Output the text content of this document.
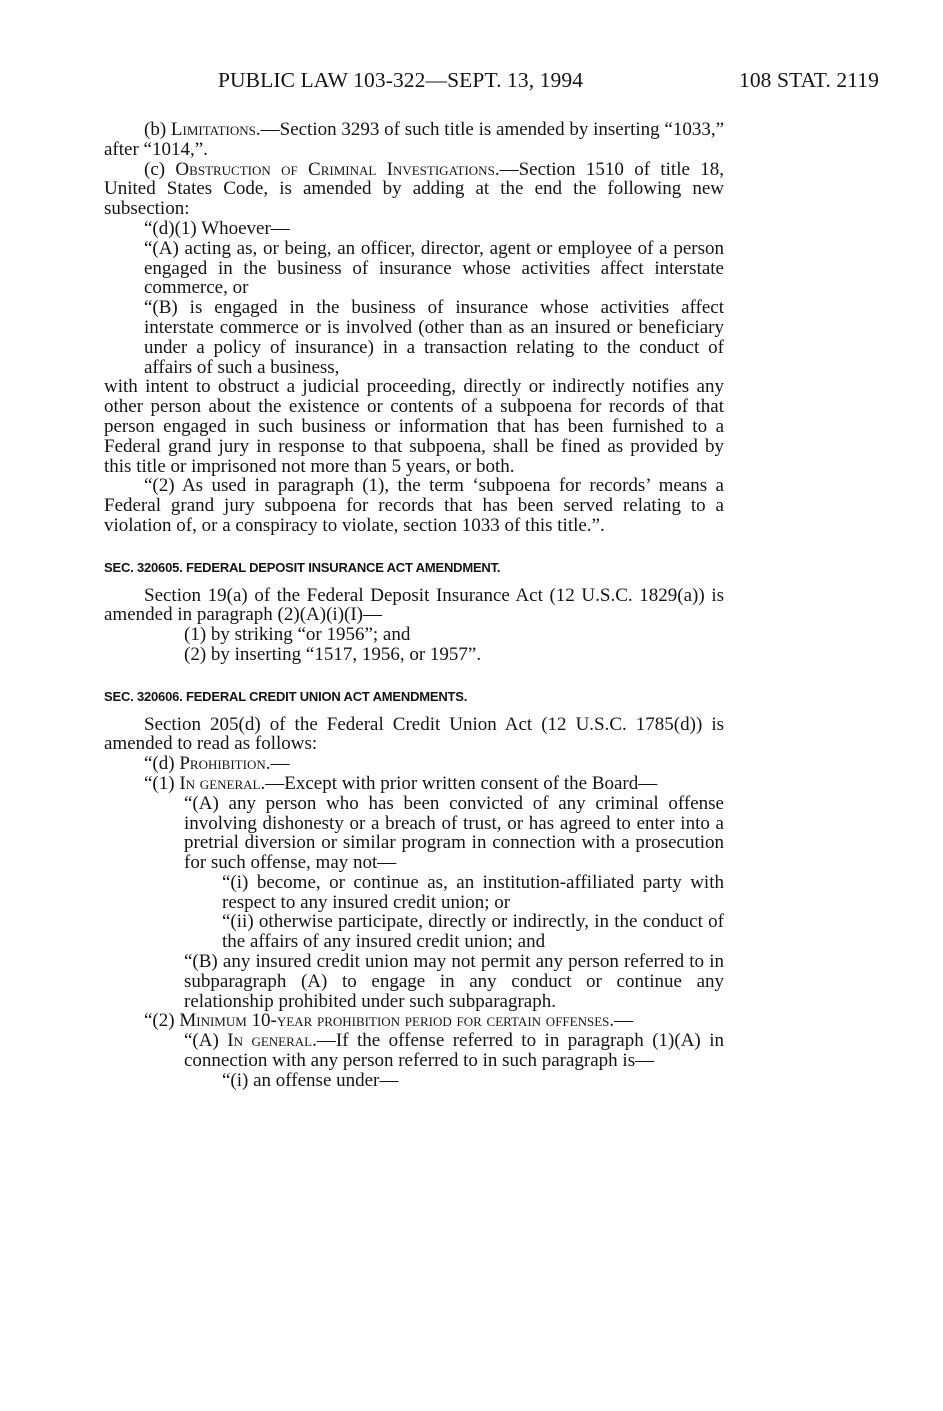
PUBLIC LAW 103-322—SEPT. 13, 1994	108 STAT. 2119

(b) Limitations.—Section 3293 of such title is amended by inserting “1033,” after “1014,”.

(c) Obstruction of Criminal Investigations.—Section 1510 of title 18, United States Code, is amended by adding at the end the following new subsection:

“(d)(1) Whoever—

“(A) acting as, or being, an officer, director, agent or employee of a person engaged in the business of insurance whose activities affect interstate commerce, or

“(B) is engaged in the business of insurance whose activities affect interstate commerce or is involved (other than as an insured or beneficiary under a policy of insurance) in a transaction relating to the conduct of affairs of such a business,

with intent to obstruct a judicial proceeding, directly or indirectly notifies any other person about the existence or contents of a subpoena for records of that person engaged in such business or information that has been furnished to a Federal grand jury in response to that subpoena, shall be fined as provided by this title or imprisoned not more than 5 years, or both.

“(2) As used in paragraph (1), the term ‘subpoena for records’ means a Federal grand jury subpoena for records that has been served relating to a violation of, or a conspiracy to violate, section 1033 of this title.”.

SEC. 320605. FEDERAL DEPOSIT INSURANCE ACT AMENDMENT.

Section 19(a) of the Federal Deposit Insurance Act (12 U.S.C. 1829(a)) is amended in paragraph (2)(A)(i)(I)—

(1) by striking “or 1956”; and

(2) by inserting “1517, 1956, or 1957”.

SEC. 320606. FEDERAL CREDIT UNION ACT AMENDMENTS.

Section 205(d) of the Federal Credit Union Act (12 U.S.C. 1785(d)) is amended to read as follows:

“(d) Prohibition.—

“(1) In general.—Except with prior written consent of the Board—

“(A) any person who has been convicted of any criminal offense involving dishonesty or a breach of trust, or has agreed to enter into a pretrial diversion or similar program in connection with a prosecution for such offense, may not—

“(i) become, or continue as, an institution-affiliated party with respect to any insured credit union; or

“(ii) otherwise participate, directly or indirectly, in the conduct of the affairs of any insured credit union; and

“(B) any insured credit union may not permit any person referred to in subparagraph (A) to engage in any conduct or continue any relationship prohibited under such subparagraph.

“(2) Minimum 10-year prohibition period for certain offenses.—

“(A) In general.—If the offense referred to in paragraph (1)(A) in connection with any person referred to in such paragraph is—

“(i) an offense under—
